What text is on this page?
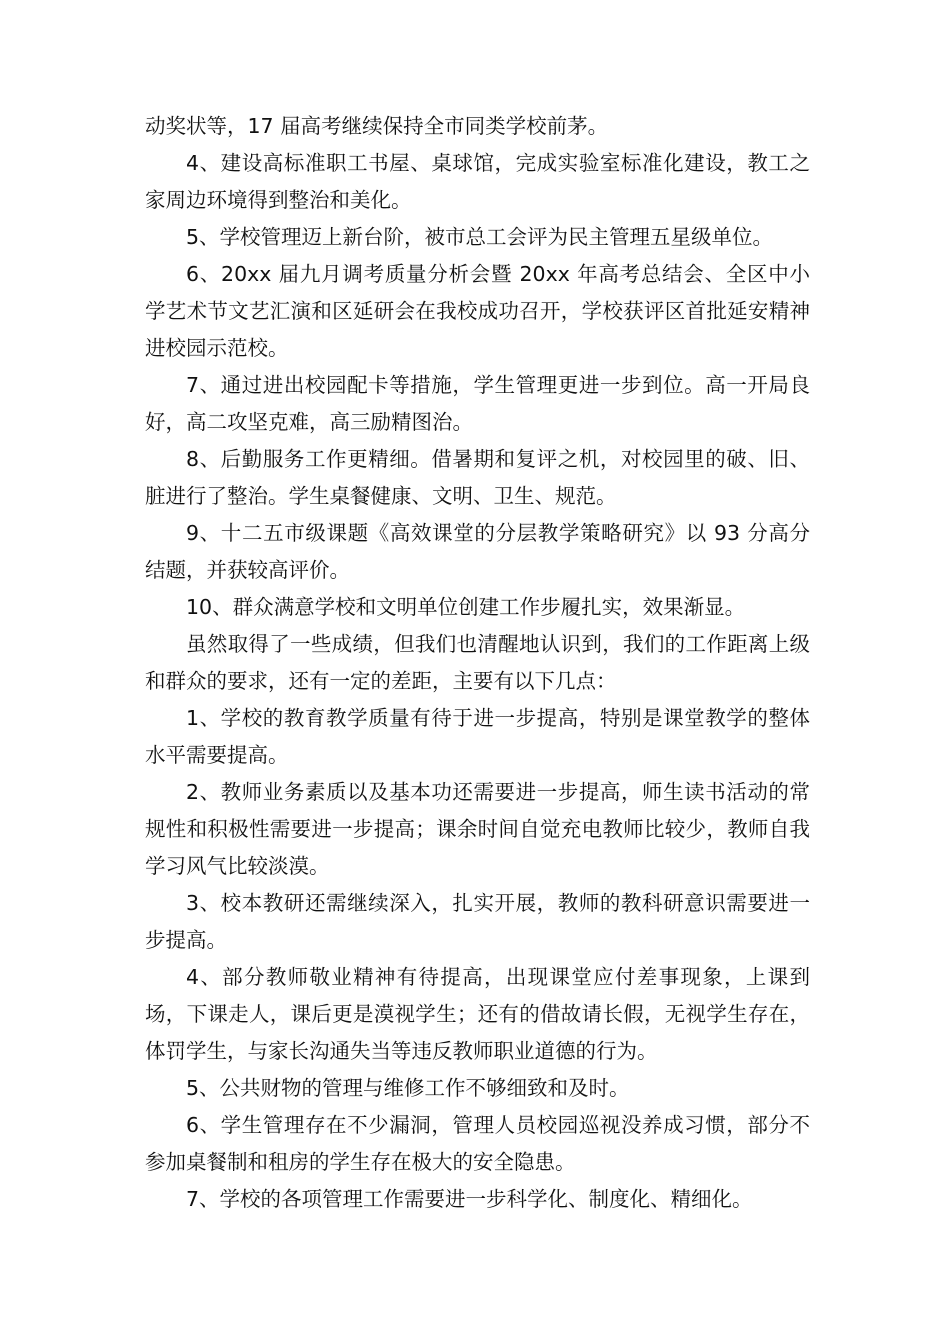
动奖状等，17 届高考继续保持全市同类学校前茅。

4、建设高标准职工书屋、桌球馆，完成实验室标准化建设，教工之家周边环境得到整治和美化。

5、学校管理迈上新台阶，被市总工会评为民主管理五星级单位。

6、20xx 届九月调考质量分析会暨 20xx 年高考总结会、全区中小学艺术节文艺汇演和区延研会在我校成功召开，学校获评区首批延安精神进校园示范校。

7、通过进出校园配卡等措施，学生管理更进一步到位。高一开局良好，高二攻坚克难，高三励精图治。

8、后勤服务工作更精细。借暑期和复评之机，对校园里的破、旧、脏进行了整治。学生桌餐健康、文明、卫生、规范。

9、十二五市级课题《高效课堂的分层教学策略研究》以 93 分高分结题，并获较高评价。

10、群众满意学校和文明单位创建工作步履扎实，效果渐显。

虽然取得了一些成绩，但我们也清醒地认识到，我们的工作距离上级和群众的要求，还有一定的差距，主要有以下几点：

1、学校的教育教学质量有待于进一步提高，特别是课堂教学的整体水平需要提高。

2、教师业务素质以及基本功还需要进一步提高，师生读书活动的常规性和积极性需要进一步提高；课余时间自觉充电教师比较少，教师自我学习风气比较淡漠。

3、校本教研还需继续深入，扎实开展，教师的教科研意识需要进一步提高。

4、部分教师敬业精神有待提高，出现课堂应付差事现象，上课到场，下课走人，课后更是漠视学生；还有的借故请长假，无视学生存在，体罚学生，与家长沟通失当等违反教师职业道德的行为。

5、公共财物的管理与维修工作不够细致和及时。

6、学生管理存在不少漏洞，管理人员校园巡视没养成习惯，部分不参加桌餐制和租房的学生存在极大的安全隐患。

7、学校的各项管理工作需要进一步科学化、制度化、精细化。
